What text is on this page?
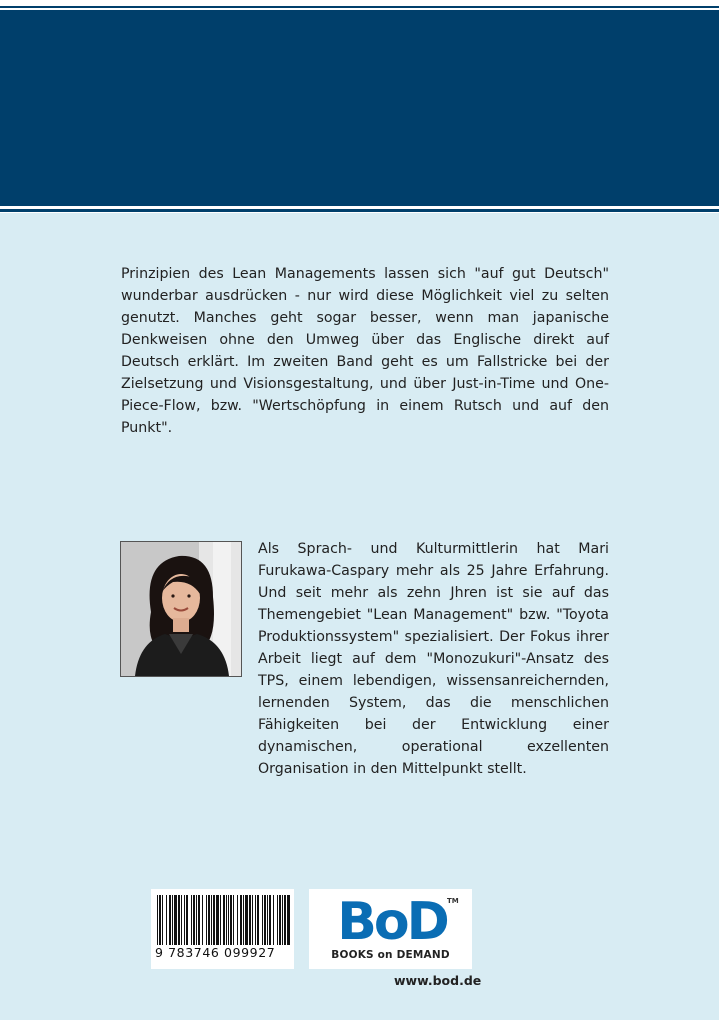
Prinzipien des Lean Managements lassen sich "auf gut Deutsch" wunderbar ausdrücken - nur wird diese Möglichkeit viel zu selten genutzt. Manches geht sogar besser, wenn man japanische Denkweisen ohne den Umweg über das Englische direkt auf Deutsch erklärt. Im zweiten Band geht es um Fallstricke bei der Zielsetzung und Visionsgestaltung, und über Just-in-Time und One-Piece-Flow, bzw. "Wertschöpfung in einem Rutsch und auf den Punkt".

Als Sprach- und Kulturmittlerin hat Mari Furukawa-Caspary mehr als 25 Jahre Erfahrung. Und seit mehr als zehn Jhren ist sie auf das Themengebiet "Lean Management" bzw. "Toyota Produktionssystem" spezialisiert. Der Fokus ihrer Arbeit liegt auf dem "Monozukuri"-Ansatz des TPS, einem lebendigen, wissensanreichernden, lernenden System, das die menschlichen Fähigkeiten bei der Entwicklung einer dynamischen, operational exzellenten Organisation in den Mittelpunkt stellt.

9 783746 099927
BoD TM
BOOKS on DEMAND
www.bod.de
